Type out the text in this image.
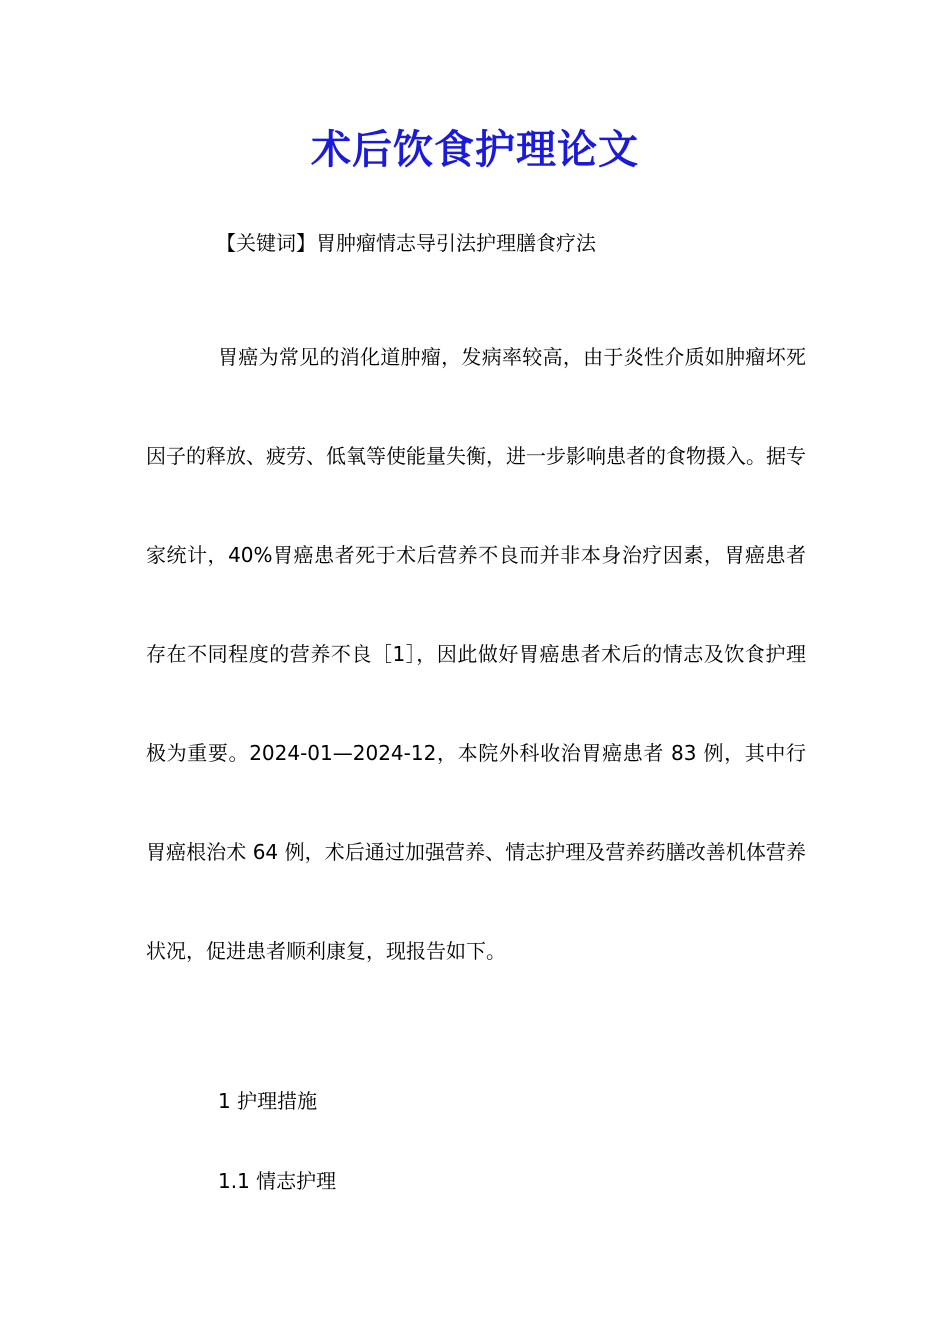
术后饮食护理论文
【关键词】胃肿瘤情志导引法护理膳食疗法

胃癌为常见的消化道肿瘤，发病率较高，由于炎性介质如肿瘤坏死因子的释放、疲劳、低氧等使能量失衡，进一步影响患者的食物摄入。据专家统计，40%胃癌患者死于术后营养不良而并非本身治疗因素，胃癌患者存在不同程度的营养不良［1］，因此做好胃癌患者术后的情志及饮食护理极为重要。2024-01—2024-12，本院外科收治胃癌患者 83 例，其中行胃癌根治术 64 例，术后通过加强营养、情志护理及营养药膳改善机体营养状况，促进患者顺利康复，现报告如下。

1 护理措施
1.1 情志护理
